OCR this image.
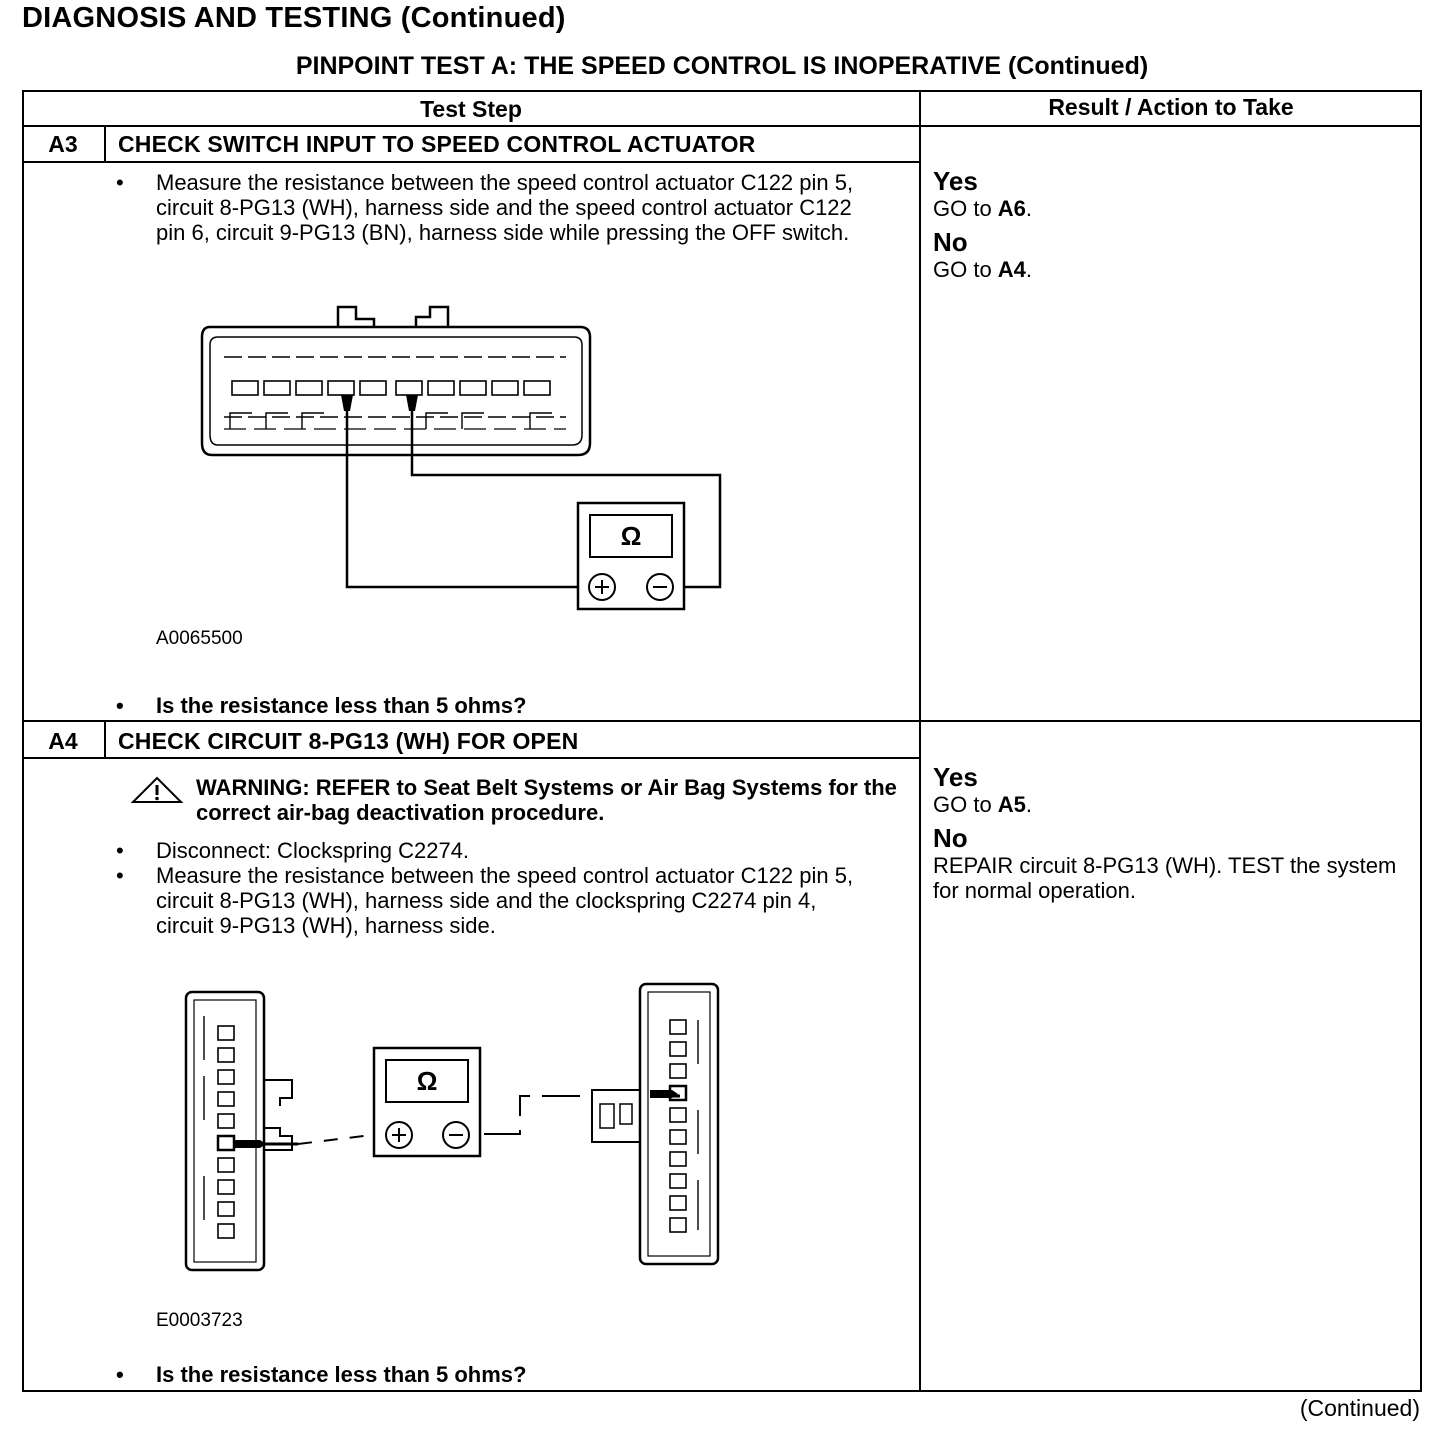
DIAGNOSIS AND TESTING (Continued)
PINPOINT TEST A: THE SPEED CONTROL IS INOPERATIVE (Continued)
Test Step	Result / Action to Take
A3	CHECK SWITCH INPUT TO SPEED CONTROL ACTUATOR
• Measure the resistance between the speed control actuator C122 pin 5, circuit 8-PG13 (WH), harness side and the speed control actuator C122 pin 6, circuit 9-PG13 (BN), harness side while pressing the OFF switch.
Ω
A0065500
• Is the resistance less than 5 ohms?
Yes
GO to A6.
No
GO to A4.
A4	CHECK CIRCUIT 8-PG13 (WH) FOR OPEN
WARNING: REFER to Seat Belt Systems or Air Bag Systems for the correct air-bag deactivation procedure.
• Disconnect: Clockspring C2274.
• Measure the resistance between the speed control actuator C122 pin 5, circuit 8-PG13 (WH), harness side and the clockspring C2274 pin 4, circuit 9-PG13 (WH), harness side.
Ω
E0003723
• Is the resistance less than 5 ohms?
Yes
GO to A5.
No
REPAIR circuit 8-PG13 (WH). TEST the system for normal operation.
(Continued)
